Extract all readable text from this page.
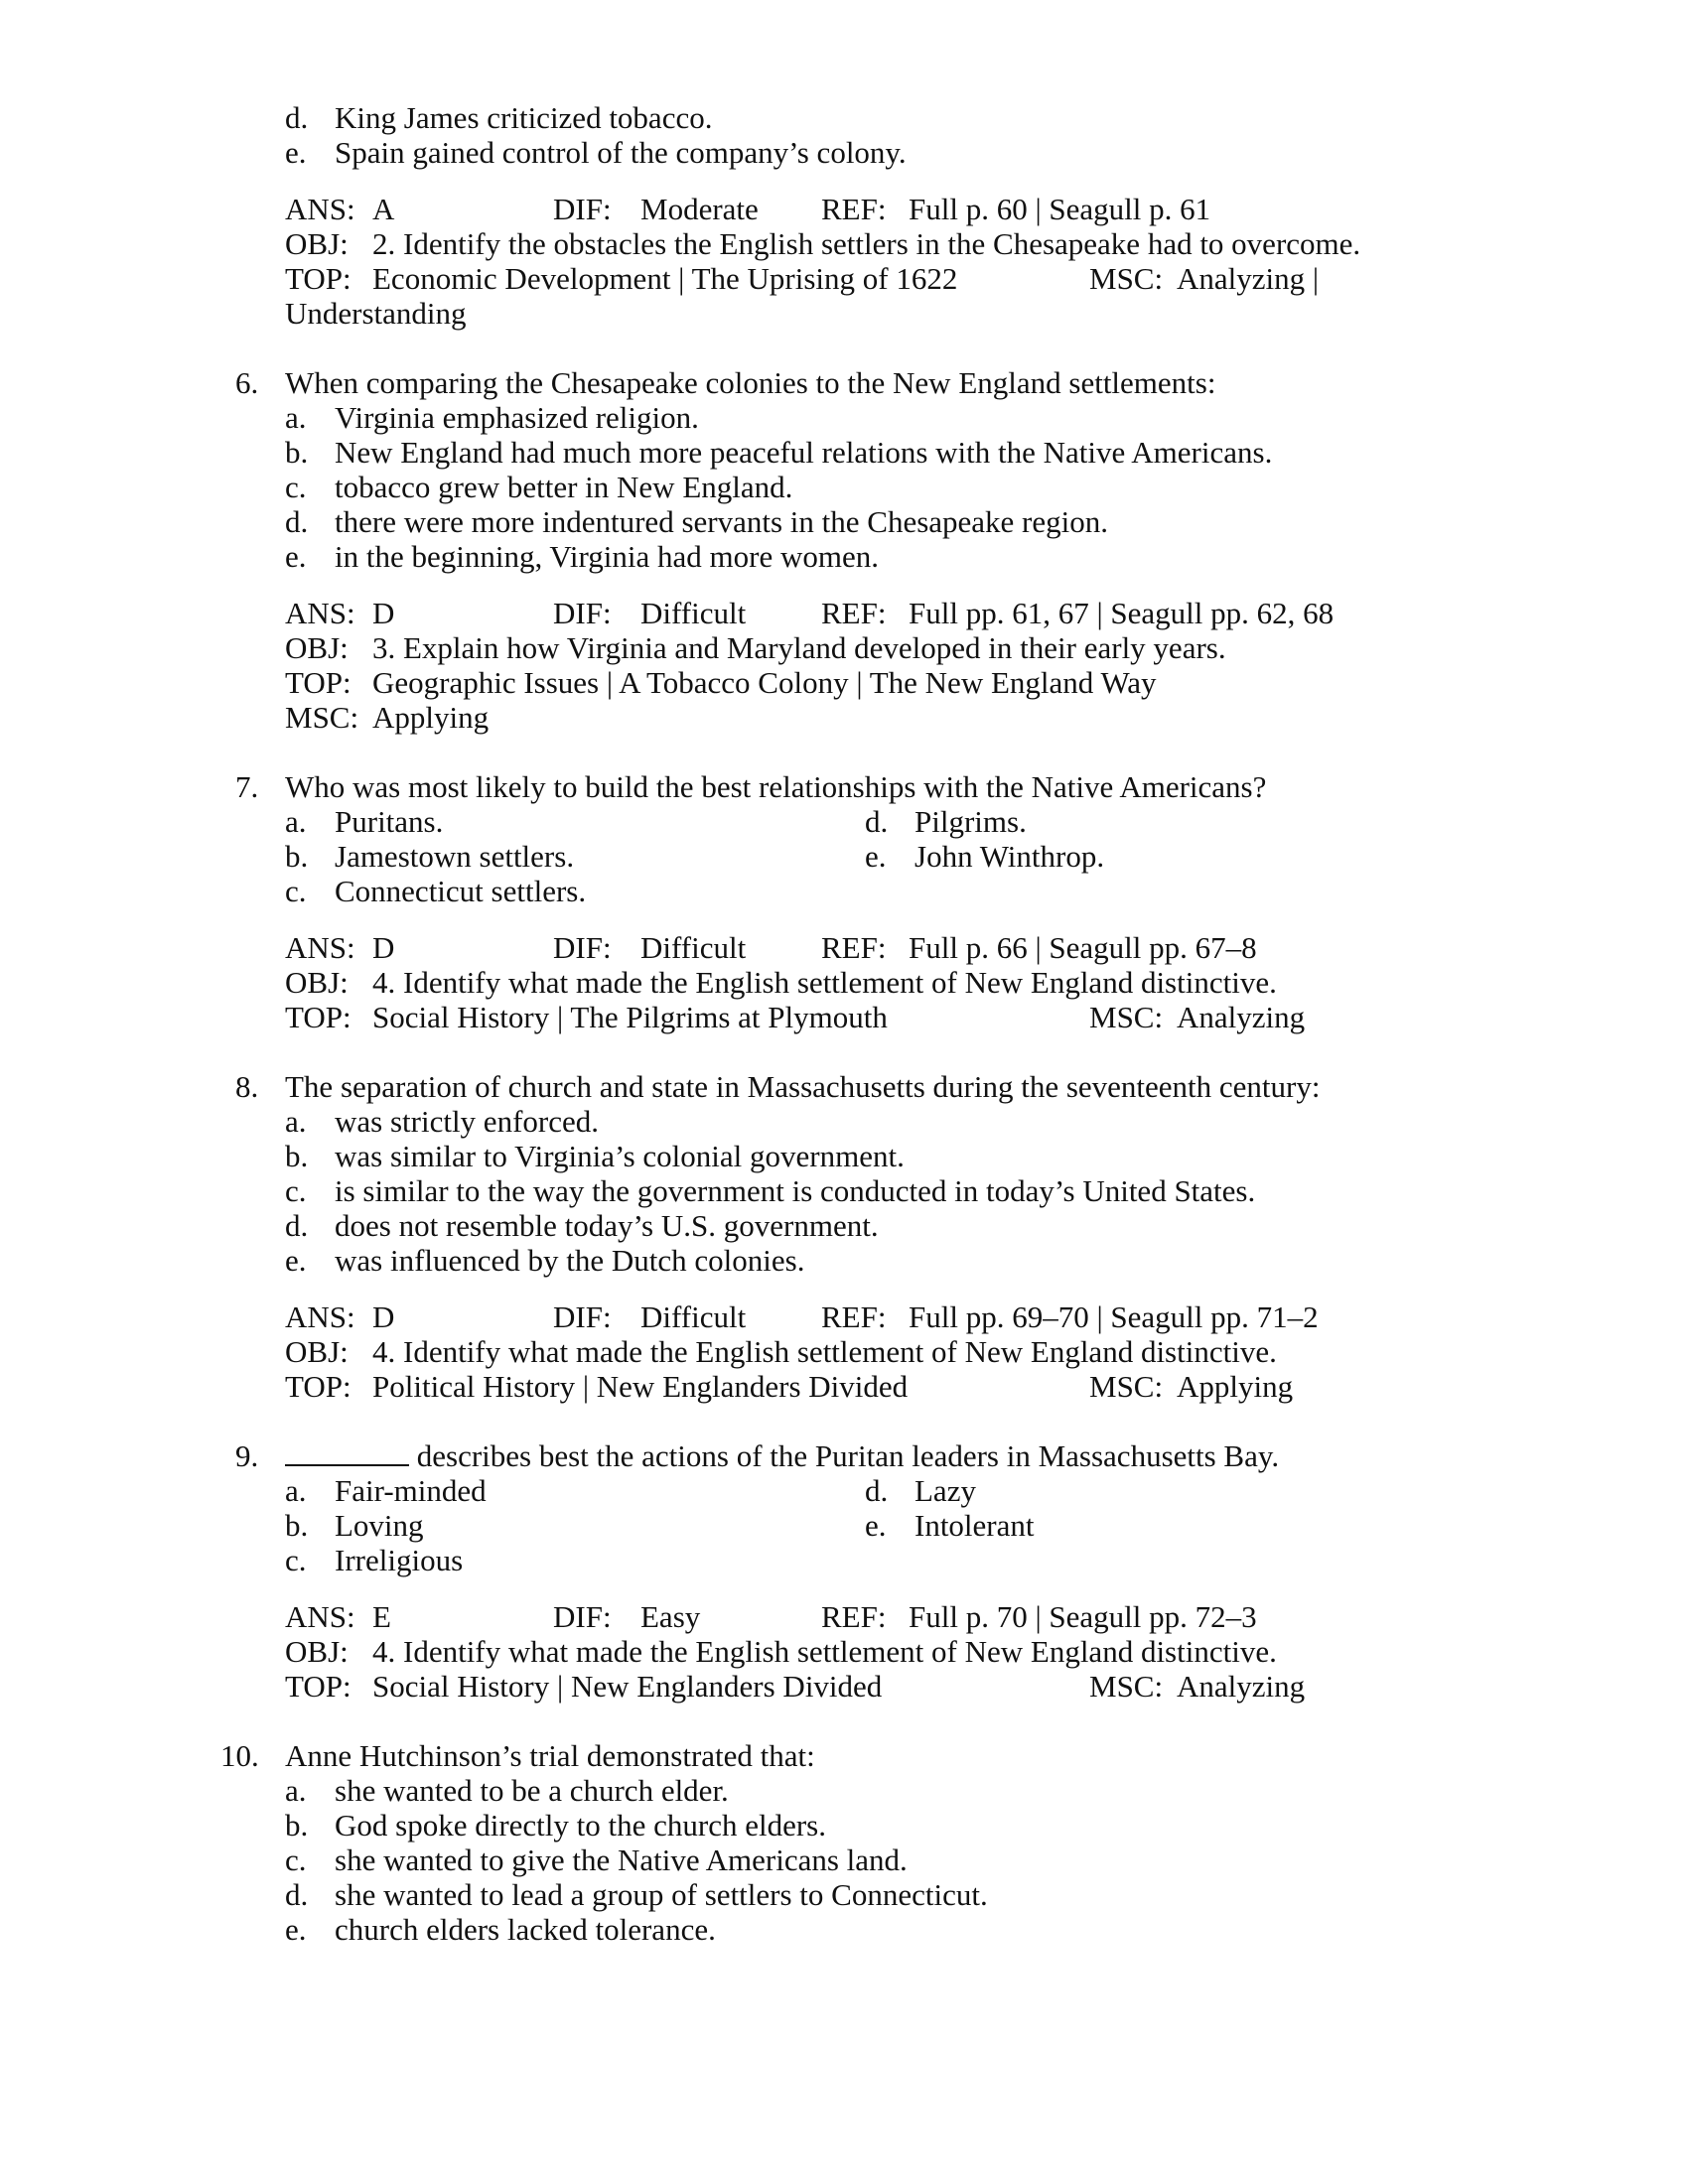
d. King James criticized tobacco.
e. Spain gained control of the company’s colony.
ANS: A	DIF: Moderate REF: Full p. 60 | Seagull p. 61
OBJ: 2. Identify the obstacles the English settlers in the Chesapeake had to overcome.
TOP: Economic Development | The Uprising of 1622	MSC: Analyzing |
Understanding
6. When comparing the Chesapeake colonies to the New England settlements:
a. Virginia emphasized religion.
b. New England had much more peaceful relations with the Native Americans.
c. tobacco grew better in New England.
d. there were more indentured servants in the Chesapeake region.
e. in the beginning, Virginia had more women.
ANS: D	DIF: Difficult REF: Full pp. 61, 67 | Seagull pp. 62, 68
OBJ: 3. Explain how Virginia and Maryland developed in their early years.
TOP: Geographic Issues | A Tobacco Colony | The New England Way
MSC: Applying
7. Who was most likely to build the best relationships with the Native Americans?
a. Puritans.
b. Jamestown settlers.
c. Connecticut settlers.
d. Pilgrims.
e. John Winthrop.
ANS: D	DIF: Difficult REF: Full p. 66 | Seagull pp. 67–8
OBJ: 4. Identify what made the English settlement of New England distinctive.
TOP: Social History | The Pilgrims at Plymouth	MSC: Analyzing
8. The separation of church and state in Massachusetts during the seventeenth century:
a. was strictly enforced.
b. was similar to Virginia’s colonial government.
c. is similar to the way the government is conducted in today’s United States.
d. does not resemble today’s U.S. government.
e. was influenced by the Dutch colonies.
ANS: D	DIF: Difficult REF: Full pp. 69–70 | Seagull pp. 71–2
OBJ: 4. Identify what made the English settlement of New England distinctive.
TOP: Political History | New Englanders Divided	MSC: Applying
9.	describes best the actions of the Puritan leaders in Massachusetts Bay.
a. Fair-minded
b. Loving
c. Irreligious
d. Lazy
e. Intolerant
ANS: E	DIF: Easy	REF: Full p. 70 | Seagull pp. 72–3
OBJ: 4. Identify what made the English settlement of New England distinctive.
TOP: Social History | New Englanders Divided	MSC: Analyzing
10. Anne Hutchinson’s trial demonstrated that:
a. she wanted to be a church elder.
b. God spoke directly to the church elders.
c. she wanted to give the Native Americans land.
d. she wanted to lead a group of settlers to Connecticut.
e. church elders lacked tolerance.
